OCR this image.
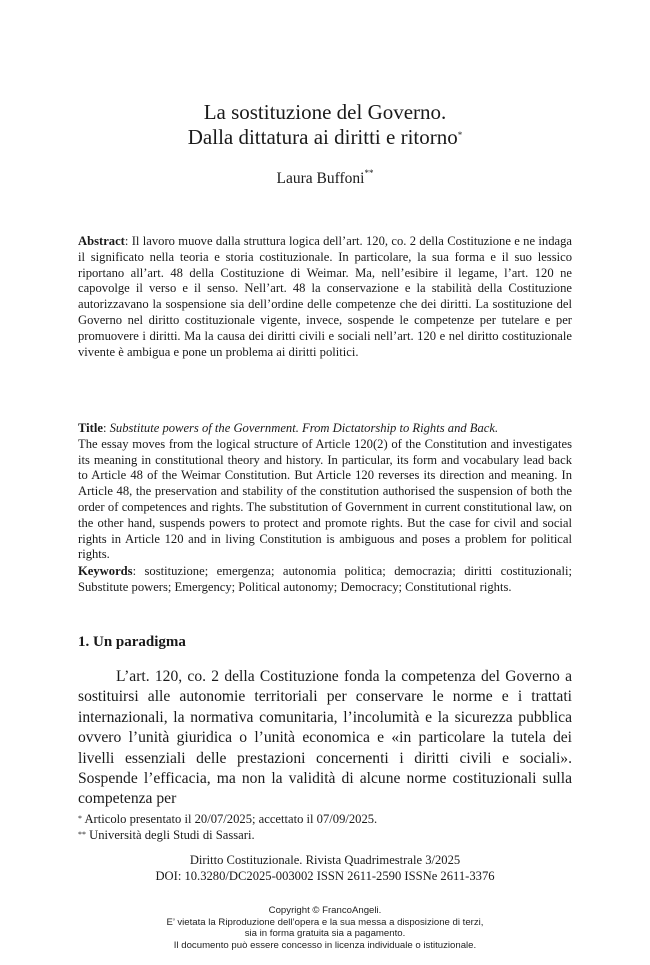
La sostituzione del Governo.
Dalla dittatura ai diritti e ritorno*
Laura Buffoni**
Abstract: Il lavoro muove dalla struttura logica dell’art. 120, co. 2 della Costituzione e ne indaga il significato nella teoria e storia costituzionale. In particolare, la sua forma e il suo lessico riportano all’art. 48 della Costituzione di Weimar. Ma, nell’esibire il legame, l’art. 120 ne capovolge il verso e il senso. Nell’art. 48 la conservazione e la stabilità della Costituzione autorizzavano la sospensione sia dell’ordine delle competenze che dei diritti. La sostituzione del Governo nel diritto costituzionale vigente, invece, sospende le competenze per tutelare e per promuovere i diritti. Ma la causa dei diritti civili e sociali nell’art. 120 e nel diritto costituzionale vivente è ambigua e pone un problema ai diritti politici.
Title: Substitute powers of the Government. From Dictatorship to Rights and Back.
The essay moves from the logical structure of Article 120(2) of the Constitution and investigates its meaning in constitutional theory and history. In particular, its form and vocabulary lead back to Article 48 of the Weimar Constitution. But Article 120 reverses its direction and meaning. In Article 48, the preservation and stability of the constitution authorised the suspension of both the order of competences and rights. The substitution of Government in current constitutional law, on the other hand, suspends powers to protect and promote rights. But the case for civil and social rights in Article 120 and in living Constitution is ambiguous and poses a problem for political rights.
Keywords: sostituzione; emergenza; autonomia politica; democrazia; diritti costituzionali; Substitute powers; Emergency; Political autonomy; Democracy; Constitutional rights.
1. Un paradigma
L’art. 120, co. 2 della Costituzione fonda la competenza del Governo a sostituirsi alle autonomie territoriali per conservare le norme e i trattati internazionali, la normativa comunitaria, l’incolumità e la sicurezza pubblica ovvero l’unità giuridica o l’unità economica e «in particolare la tutela dei livelli essenziali delle prestazioni concernenti i diritti civili e sociali». Sospende l’efficacia, ma non la validità di alcune norme costituzionali sulla competenza per
* Articolo presentato il 20/07/2025; accettato il 07/09/2025.
** Università degli Studi di Sassari.
Diritto Costituzionale. Rivista Quadrimestrale 3/2025
DOI: 10.3280/DC2025-003002 ISSN 2611-2590 ISSNe 2611-3376
Copyright © FrancoAngeli.
E’ vietata la Riproduzione dell’opera e la sua messa a disposizione di terzi,
sia in forma gratuita sia a pagamento.
Il documento può essere concesso in licenza individuale o istituzionale.
